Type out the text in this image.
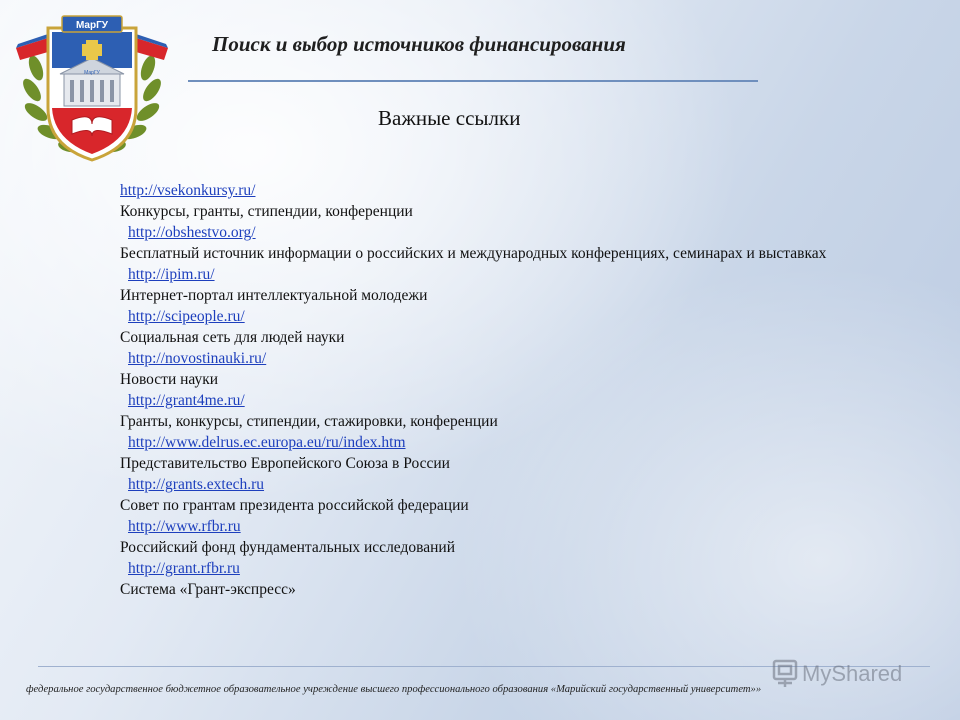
МарГУ
МарГУ
Поиск и выбор источников финансирования
Важные ссылки
http://vsekonkursy.ru/
Конкурсы, гранты, стипендии, конференции
http://obshestvo.org/
Бесплатный источник информации о российских и международных конференциях, семинарах и выставках
http://ipim.ru/
Интернет-портал интеллектуальной молодежи
http://scipeople.ru/
Социальная сеть для людей науки
http://novostinauki.ru/
Новости науки
http://grant4me.ru/
Гранты, конкурсы, стипендии, стажировки, конференции
http://www.delrus.ec.europa.eu/ru/index.htm
Представительство Европейского Союза в России
http://grants.extech.ru
Совет по грантам президента российской федерации
http://www.rfbr.ru
Российский фонд фундаментальных исследований
http://grant.rfbr.ru
Система «Грант-экспресс»
MyShared
федеральное государственное бюджетное образовательное учреждение высшего профессионального образования «Марийский государственный университет»»
